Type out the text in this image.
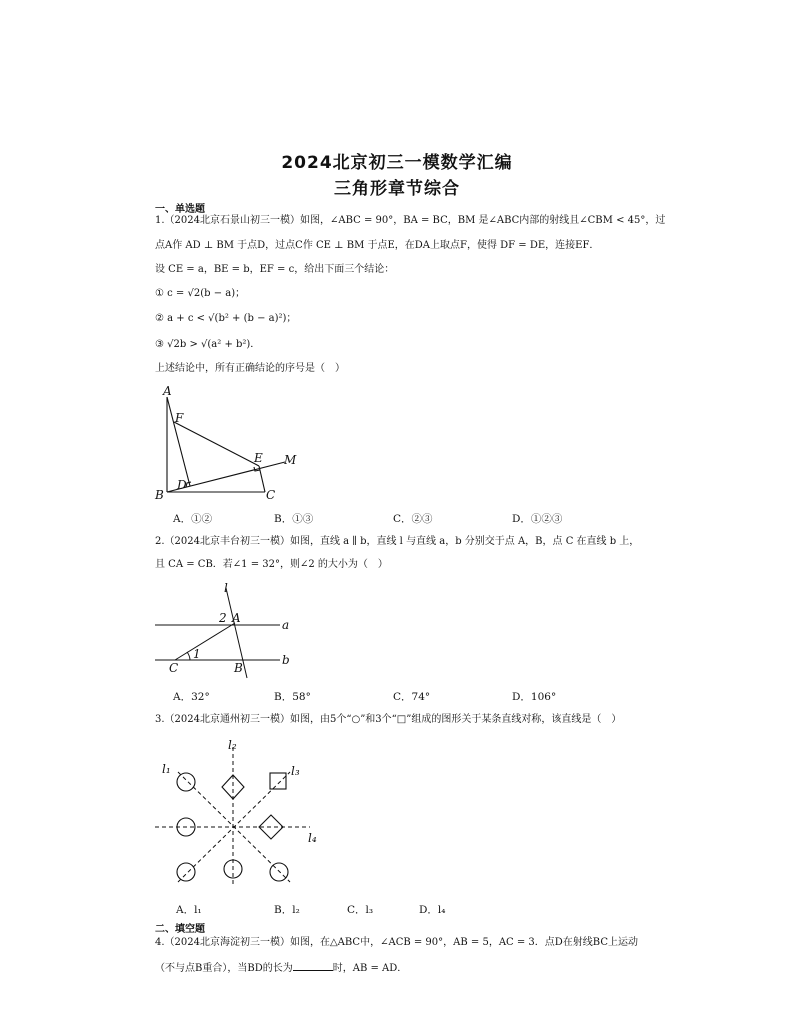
2024北京初三一模数学汇编
三角形章节综合
一、单选题
1.（2024北京石景山初三一模）如图，∠ABC = 90°，BA = BC，BM 是∠ABC内部的射线且∠CBM < 45°，过
点A作 AD ⊥ BM 于点D，过点C作 CE ⊥ BM 于点E，在DA上取点F，使得 DF = DE，连接EF．
设 CE = a，BE = b，EF = c，给出下面三个结论：
① c = √2(b − a)；
② a + c < √(b² + (b − a)²)；
③ √2b > √(a² + b²)．
上述结论中，所有正确结论的序号是（　）
A
F
E M
D
B	C
A．①②	B．①③	C．②③	D．①②③
2.（2024北京丰台初三一模）如图，直线 a ∥ b，直线 l 与直线 a，b 分别交于点 A，B，点 C 在直线 b 上，
且 CA = CB．若∠1 = 32°，则∠2 的大小为（　）
l
2 A	a
C
1
B
b
A．32°	B．58°	C．74°	D．106°
3.（2024北京通州初三一模）如图，由5个“○”和3个“□”组成的图形关于某条直线对称，该直线是（　）
l₁
l₂
l₃
l₄
A．l₁	B．l₂	C．l₃	D．l₄
二、填空题
4.（2024北京海淀初三一模）如图，在△ABC中，∠ACB = 90°，AB = 5，AC = 3．点D在射线BC上运动
（不与点B重合），当BD的长为	时，AB = AD．
